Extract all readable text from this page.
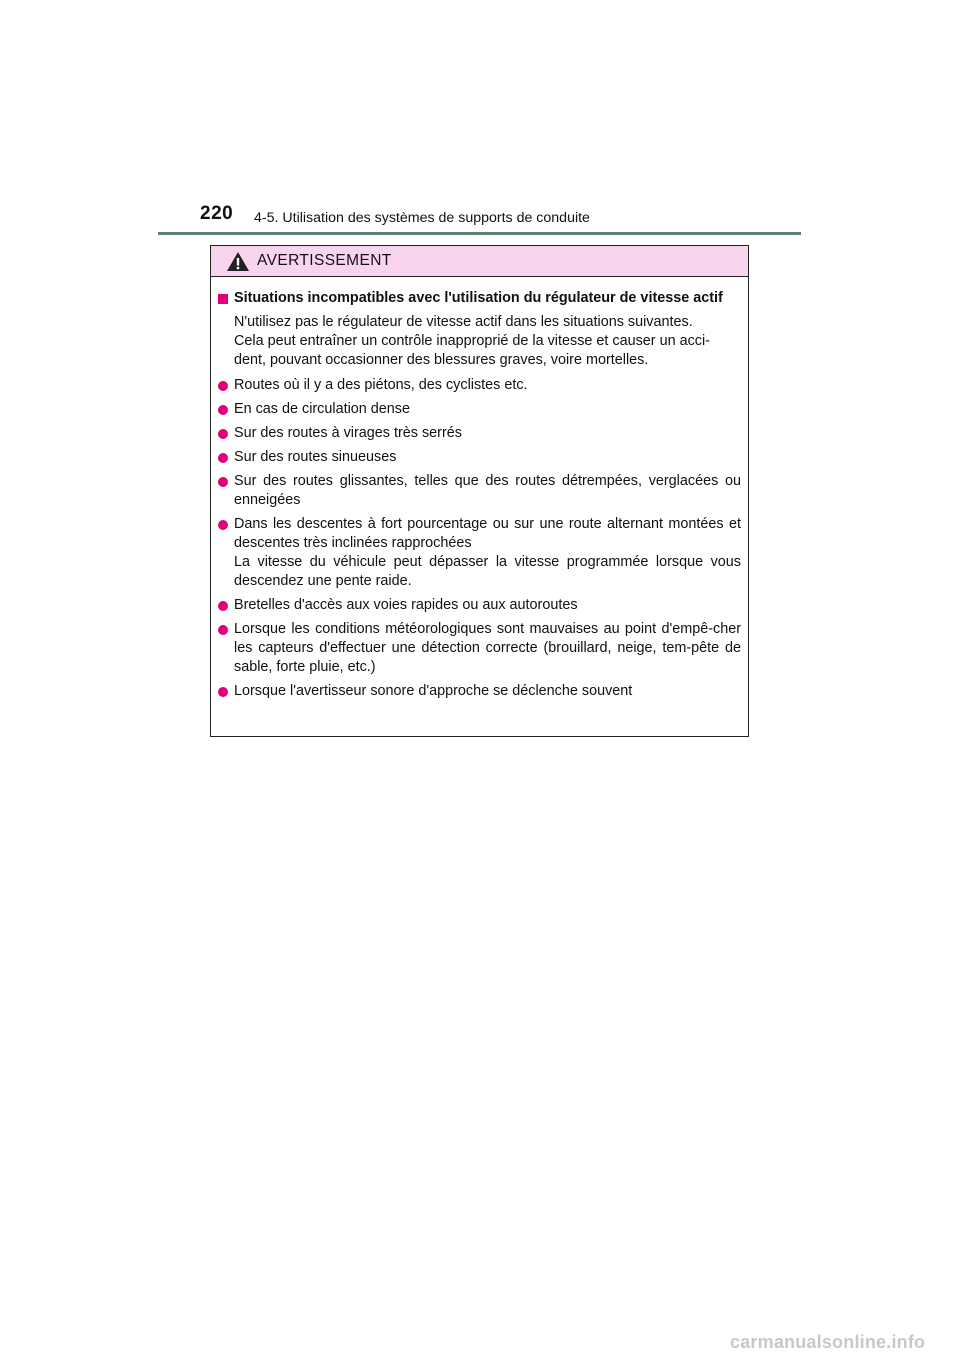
220 4-5. Utilisation des systèmes de supports de conduite
AVERTISSEMENT
Situations incompatibles avec l'utilisation du régulateur de vitesse actif
N'utilisez pas le régulateur de vitesse actif dans les situations suivantes.
Cela peut entraîner un contrôle inapproprié de la vitesse et causer un acci-
dent, pouvant occasionner des blessures graves, voire mortelles.
Routes où il y a des piétons, des cyclistes etc.
En cas de circulation dense
Sur des routes à virages très serrés
Sur des routes sinueuses
Sur des routes glissantes, telles que des routes détrempées, verglacées ou enneigées
Dans les descentes à fort pourcentage ou sur une route alternant montées et descentes très inclinées rapprochées
La vitesse du véhicule peut dépasser la vitesse programmée lorsque vous descendez une pente raide.
Bretelles d'accès aux voies rapides ou aux autoroutes
Lorsque les conditions météorologiques sont mauvaises au point d'empê-cher les capteurs d'effectuer une détection correcte (brouillard, neige, tem-pête de sable, forte pluie, etc.)
Lorsque l'avertisseur sonore d'approche se déclenche souvent
carmanualsonline.info
